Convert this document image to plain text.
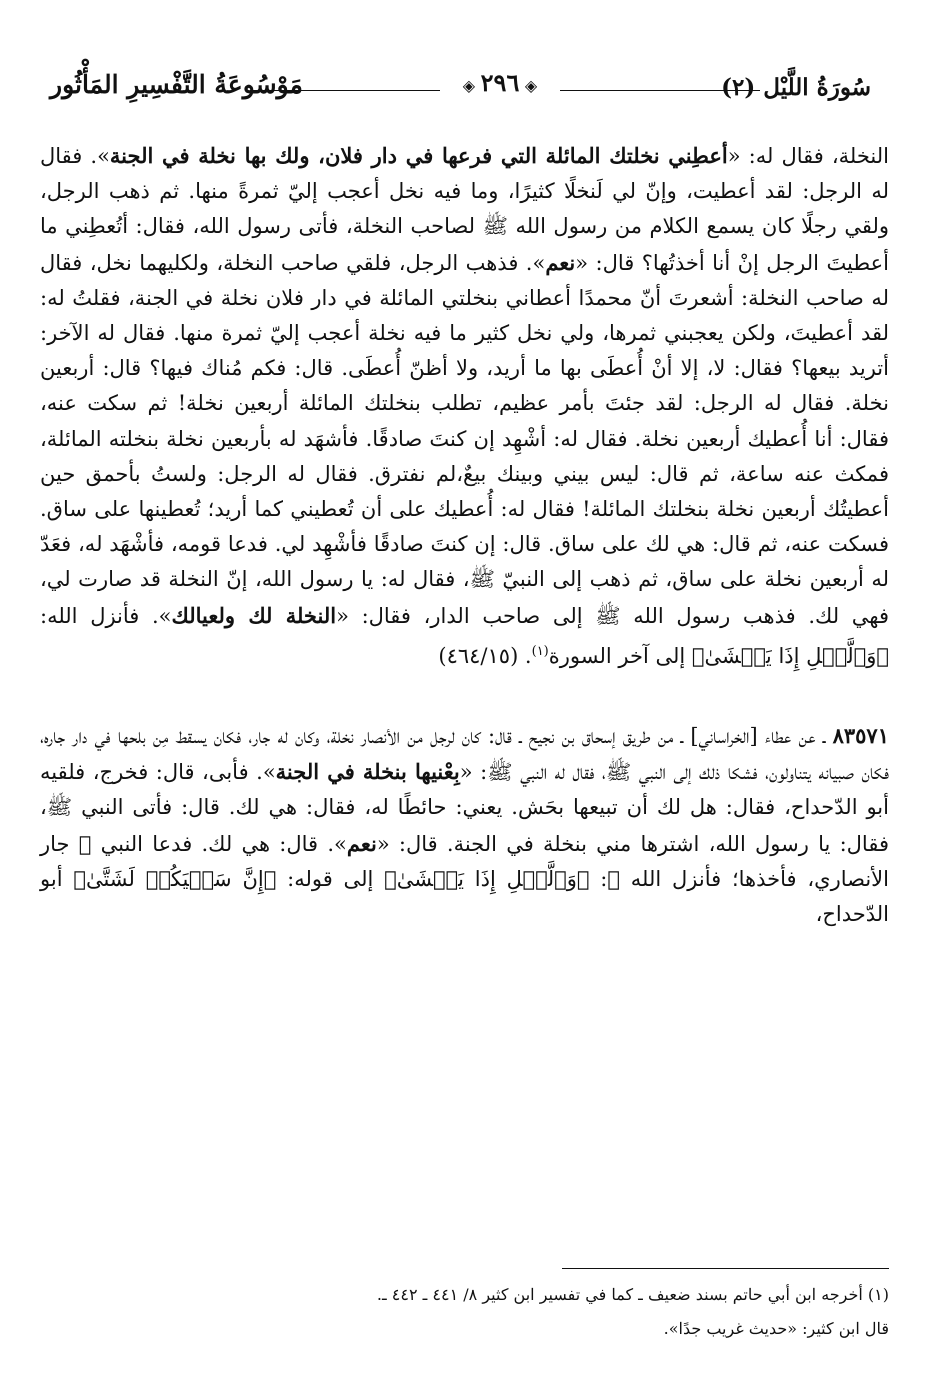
سُورَةُ اللَّيْل (٢)
◈ ٢٩٦ ◈
مَوْسُوعَةُ التَّفْسِيرِ المَأْثُور

النخلة، فقال له: «أعطِني نخلتك المائلة التي فرعها في دار فلان، ولك بها نخلة في الجنة». فقال له الرجل: لقد أعطيت، وإنّ لي لَنخلًا كثيرًا، وما فيه نخل أعجب إليّ ثمرةً منها. ثم ذهب الرجل، ولقي رجلًا كان يسمع الكلام من رسول الله ﷺ لصاحب النخلة، فأتى رسول الله، فقال: أتُعطِني ما أعطيتَ الرجل إنْ أنا أخذتُها؟ قال: «نعم». فذهب الرجل، فلقي صاحب النخلة، ولكليهما نخل، فقال له صاحب النخلة: أشعرتَ أنّ محمدًا أعطاني بنخلتي المائلة في دار فلان نخلة في الجنة، فقلتُ له: لقد أعطيتَ، ولكن يعجبني ثمرها، ولي نخل كثير ما فيه نخلة أعجب إليّ ثمرة منها. فقال له الآخر: أتريد بيعها؟ فقال: لا، إلا أنْ أُعطَى بها ما أريد، ولا أظنّ أُعطَى. قال: فكم مُناك فيها؟ قال: أربعين نخلة. فقال له الرجل: لقد جئتَ بأمر عظيم، تطلب بنخلتك المائلة أربعين نخلة! ثم سكت عنه، فقال: أنا أُعطيك أربعين نخلة. فقال له: أشْهِد إن كنتَ صادقًا. فأشهَد له بأربعين نخلة بنخلته المائلة، فمكث عنه ساعة، ثم قال: ليس بيني وبينك بيعٌ،لم نفترق. فقال له الرجل: ولستُ بأحمق حين أعطيتُك أربعين نخلة بنخلتك المائلة! فقال له: أُعطيك على أن تُعطيني كما أريد؛ تُعطينها على ساق. فسكت عنه، ثم قال: هي لك على ساق. قال: إن كنتَ صادقًا فأشْهِد لي. فدعا قومه، فأشْهَد له، فعَدّ له أربعين نخلة على ساق، ثم ذهب إلى النبيّ ﷺ، فقال له: يا رسول الله، إنّ النخلة قد صارت لي، فهي لك. فذهب رسول الله ﷺ إلى صاحب الدار، فقال: «النخلة لك ولعيالك». فأنزل الله: ﴿وَٱلَّيۡلِ إِذَا يَغۡشَىٰ﴾ إلى آخر السورة$^{(١)}$. (٤٦٤/١٥)

٨٣٥٧١ ـ عن عطاء [الخراساني] ـ من طريق إسحاق بن نجيح ـ قال: كان لرجل من الأنصار نخلة، وكان له جار، فكان يسقط مِن بلحها في دار جاره، فكان صبيانه يتناولون، فشكا ذلك إلى النبي ﷺ، فقال له النبي ﷺ: «بِعْنيها بنخلة في الجنة». فأبى، قال: فخرج، فلقيه أبو الدّحداح، فقال: هل لك أن تبيعها بحَش. يعني: حائطًا له، فقال: هي لك. قال: فأتى النبي ﷺ، فقال: يا رسول الله، اشترها مني بنخلة في الجنة. قال: «نعم». قال: هي لك. فدعا النبي ﷺ جار الأنصاري، فأخذها؛ فأنزل الله ﷻ: ﴿وَٱلَّيۡلِ إِذَا يَغۡشَىٰ﴾ إلى قوله: ﴿إِنَّ سَعۡيَكُمۡ لَشَتَّىٰ﴾ أبو الدّحداح،

(١) أخرجه ابن أبي حاتم بسند ضعيف ـ كما في تفسير ابن كثير ٨/ ٤٤١ ـ ٤٤٢ ـ.

قال ابن كثير: «حديث غريب جدًا».
